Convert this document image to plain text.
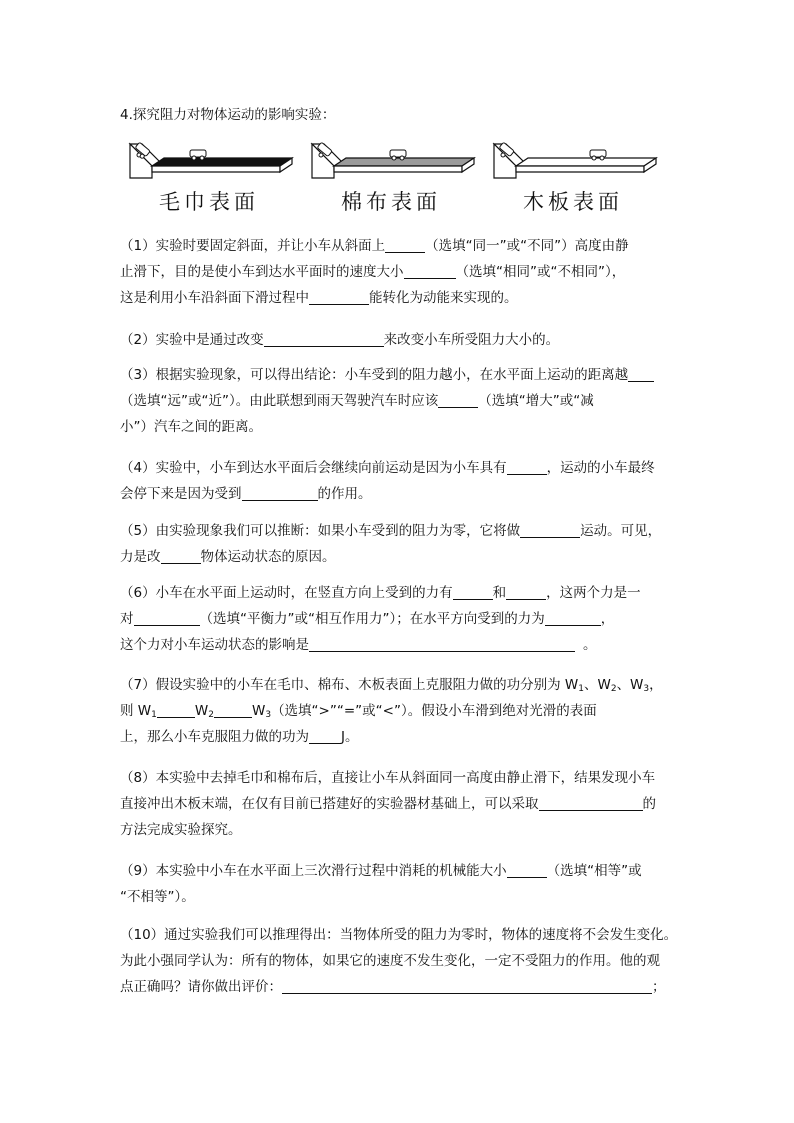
4.探究阻力对物体运动的影响实验：
毛巾表面	棉布表面	木板表面
（1）实验时要固定斜面，并让小车从斜面上	（选填“同一”或“不同”）高度由静
止滑下，目的是使小车到达水平面时的速度大小	（选填“相同”或“不相同”），
这是利用小车沿斜面下滑过程中	能转化为动能来实现的。
（2）实验中是通过改变	来改变小车所受阻力大小的。
（3）根据实验现象，可以得出结论：小车受到的阻力越小，在水平面上运动的距离越
（选填“远”或“近”）。由此联想到雨天驾驶汽车时应该	（选填“增大”或“减
小”）汽车之间的距离。
（4）实验中，小车到达水平面后会继续向前运动是因为小车具有	，运动的小车最终
会停下来是因为受到	的作用。
（5）由实验现象我们可以推断：如果小车受到的阻力为零，它将做	运动。可见，
力是改	物体运动状态的原因。
（6）小车在水平面上运动时，在竖直方向上受到的力有	和	，这两个力是一
对	（选填“平衡力”或“相互作用力”）；在水平方向受到的力为	，
这个力对小车运动状态的影响是	。
（7）假设实验中的小车在毛巾、棉布、木板表面上克服阻力做的功分别为 $W_1$、$W_2$、$W_3$，
则 $W_1$	$W_2$	$W_3$（选填“>”“=”或“<”）。假设小车滑到绝对光滑的表面
上，那么小车克服阻力做的功为 J。
（8）本实验中去掉毛巾和棉布后，直接让小车从斜面同一高度由静止滑下，结果发现小车
直接冲出木板末端，在仅有目前已搭建好的实验器材基础上，可以采取	的
方法完成实验探究。
（9）本实验中小车在水平面上三次滑行过程中消耗的机械能大小	（选填“相等”或
“不相等”）。
（10）通过实验我们可以推理得出：当物体所受的阻力为零时，物体的速度将不会发生变化。
为此小强同学认为：所有的物体，如果它的速度不发生变化，一定不受阻力的作用。他的观
点正确吗？请你做出评价：	；
